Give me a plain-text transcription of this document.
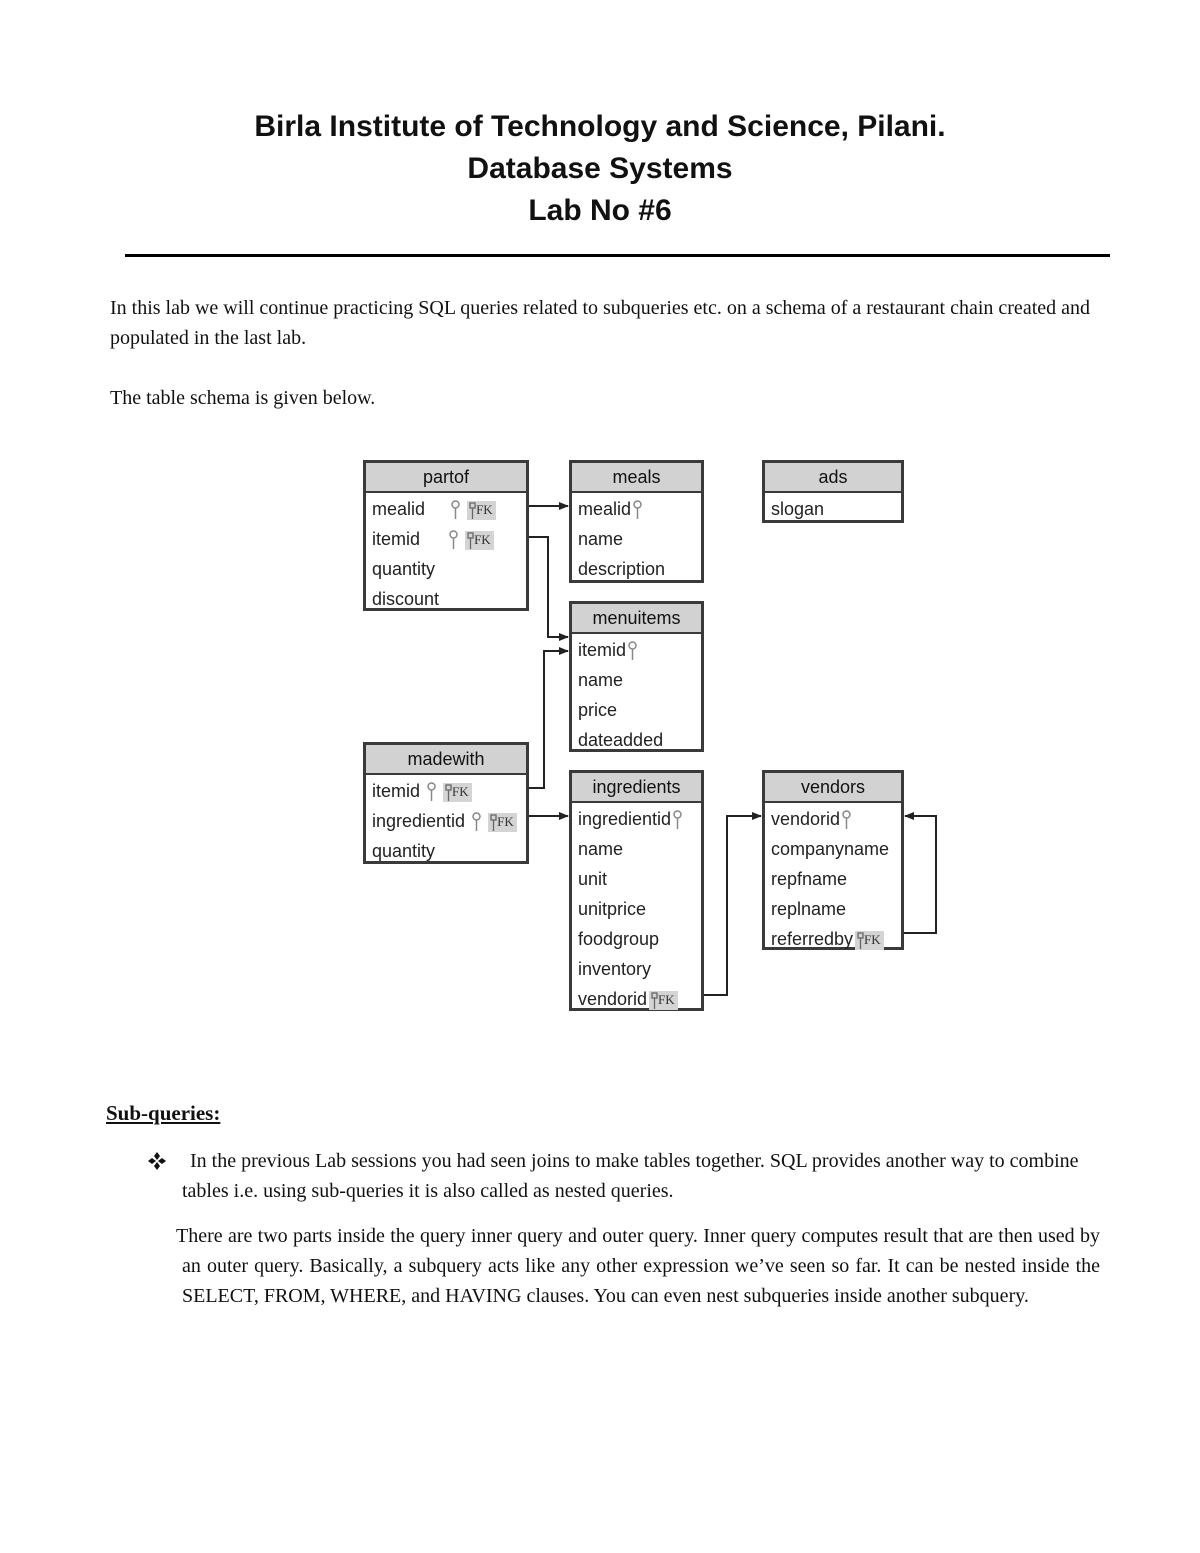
Birla Institute of Technology and Science, Pilani.
Database Systems
Lab No #6
In this lab we will continue practicing SQL queries related to subqueries etc. on a schema of a restaurant chain created and populated in the last lab.
The table schema is given below.
partof
mealid	FK
itemid	FK
quantity
discount
meals
mealid
name
description
ads
slogan
menuitems
itemid
name
price
dateadded
madewith
itemid FK
ingredientid FK
quantity
ingredients
ingredientid
name
unit
unitprice
foodgroup
inventory
vendorid FK
vendors
vendorid
companyname
repfname
replname
referredby FK
Sub-queries:
In the previous Lab sessions you had seen joins to make tables together. SQL provides another way to combine tables i.e. using sub-queries it is also called as nested queries.
There are two parts inside the query inner query and outer query. Inner query computes result that are then used by an outer query. Basically, a subquery acts like any other expression we’ve seen so far. It can be nested inside the SELECT, FROM, WHERE, and HAVING clauses. You can even nest subqueries inside another subquery.
